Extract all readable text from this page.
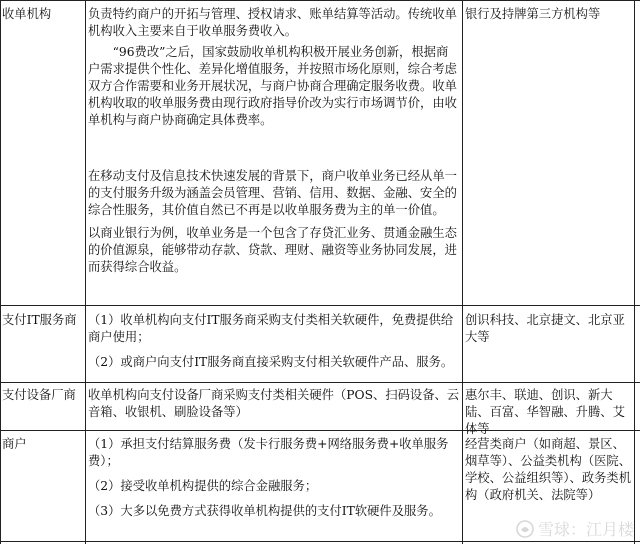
收单机构	负责特约商户的开拓与管理、授权请求、账单结算等活动。传统收单机构收入主要来自于收单服务费收入。

“96费改”之后，国家鼓励收单机构积极开展业务创新，根据商户需求提供个性化、差异化增值服务，并按照市场化原则，综合考虑双方合作需要和业务开展状况，与商户协商合理确定服务收费。收单机构收取的收单服务费由现行政府指导价改为实行市场调节价，由收单机构与商户协商确定具体费率。

在移动支付及信息技术快速发展的背景下，商户收单业务已经从单一的支付服务升级为涵盖会员管理、营销、信用、数据、金融、安全的综合性服务，其价值自然已不再是以收单服务费为主的单一价值。

以商业银行为例，收单业务是一个包含了存贷汇业务、贯通金融生态的价值源泉，能够带动存款、贷款、理财、融资等业务协同发展，进而获得综合收益。

银行及持牌第三方机构等
支付IT服务商 （1）收单机构向支付IT服务商采购支付类相关软硬件，免费提供给商户使用；

（2）或商户向支付IT服务商直接采购支付相关软硬件产品、服务。

创识科技、北京捷文、北京亚大等
支付设备厂商 收单机构向支付设备厂商采购支付类相关硬件（POS、扫码设备、云音箱、收银机、刷脸设备等）

惠尔丰、联迪、创识、新大陆、百富、华智融、升腾、艾体等
商户	（1）承担支付结算服务费（发卡行服务费+网络服务费+收单服务费）；

（2）接受收单机构提供的综合金融服务；

（3）大多以免费方式获得收单机构提供的支付IT软硬件及服务。

经营类商户（如商超、景区、烟草等）、公益类机构（医院、学校、公益组织等）、政务类机构（政府机关、法院等）
雪球：江月楼
